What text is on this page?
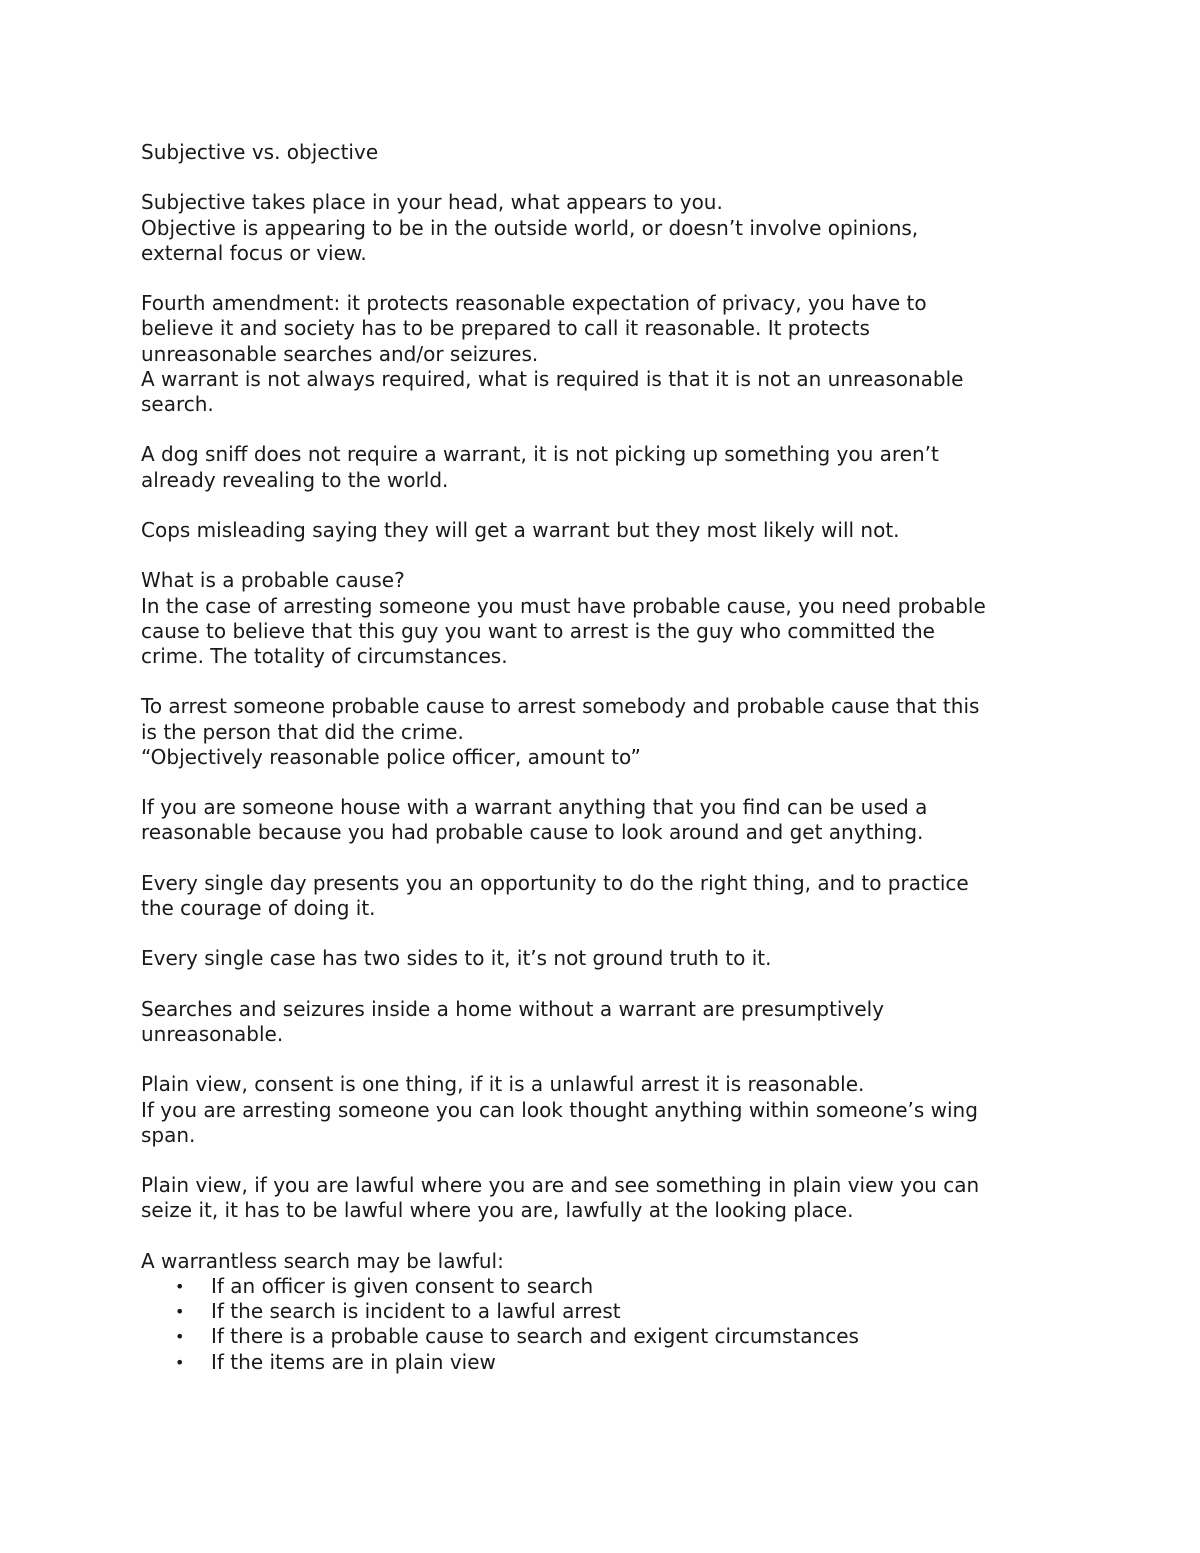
Subjective vs. objective

Subjective takes place in your head, what appears to you.
Objective is appearing to be in the outside world, or doesn’t involve opinions,
external focus or view.

Fourth amendment: it protects reasonable expectation of privacy, you have to
believe it and society has to be prepared to call it reasonable. It protects
unreasonable searches and/or seizures.
A warrant is not always required, what is required is that it is not an unreasonable
search.

A dog sniff does not require a warrant, it is not picking up something you aren’t
already revealing to the world.

Cops misleading saying they will get a warrant but they most likely will not.

What is a probable cause?
In the case of arresting someone you must have probable cause, you need probable
cause to believe that this guy you want to arrest is the guy who committed the
crime. The totality of circumstances.

To arrest someone probable cause to arrest somebody and probable cause that this
is the person that did the crime.
“Objectively reasonable police officer, amount to”

If you are someone house with a warrant anything that you find can be used a
reasonable because you had probable cause to look around and get anything.

Every single day presents you an opportunity to do the right thing, and to practice
the courage of doing it.

Every single case has two sides to it, it’s not ground truth to it.

Searches and seizures inside a home without a warrant are presumptively
unreasonable.

Plain view, consent is one thing, if it is a unlawful arrest it is reasonable.
If you are arresting someone you can look thought anything within someone’s wing
span.

Plain view, if you are lawful where you are and see something in plain view you can
seize it, it has to be lawful where you are, lawfully at the looking place.

A warrantless search may be lawful:

• If an officer is given consent to search
• If the search is incident to a lawful arrest
• If there is a probable cause to search and exigent circumstances
• If the items are in plain view
